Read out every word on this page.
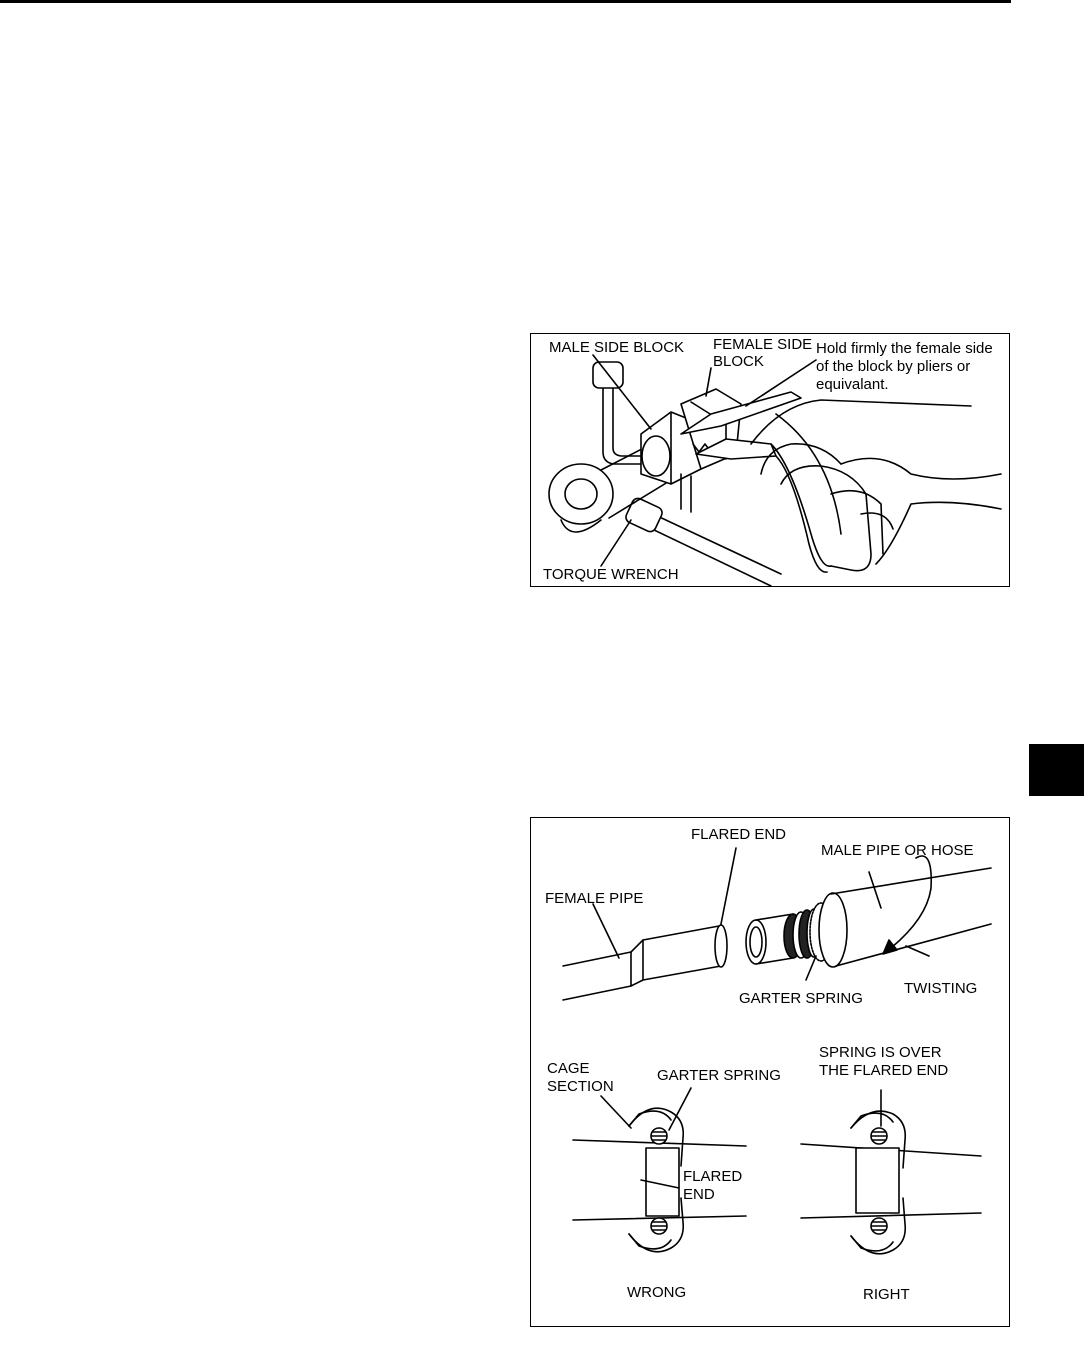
MALE SIDE BLOCK FEMALE SIDE
BLOCK
Hold firmly the female side
of the block by pliers or
equivalant.
TORQUE WRENCH
FLARED END
MALE PIPE OR HOSE
FEMALE PIPE
GARTER SPRING
TWISTING
CAGE
SECTION
GARTER SPRING
SPRING IS OVER
THE FLARED END
FLARED
END
WRONG	RIGHT
